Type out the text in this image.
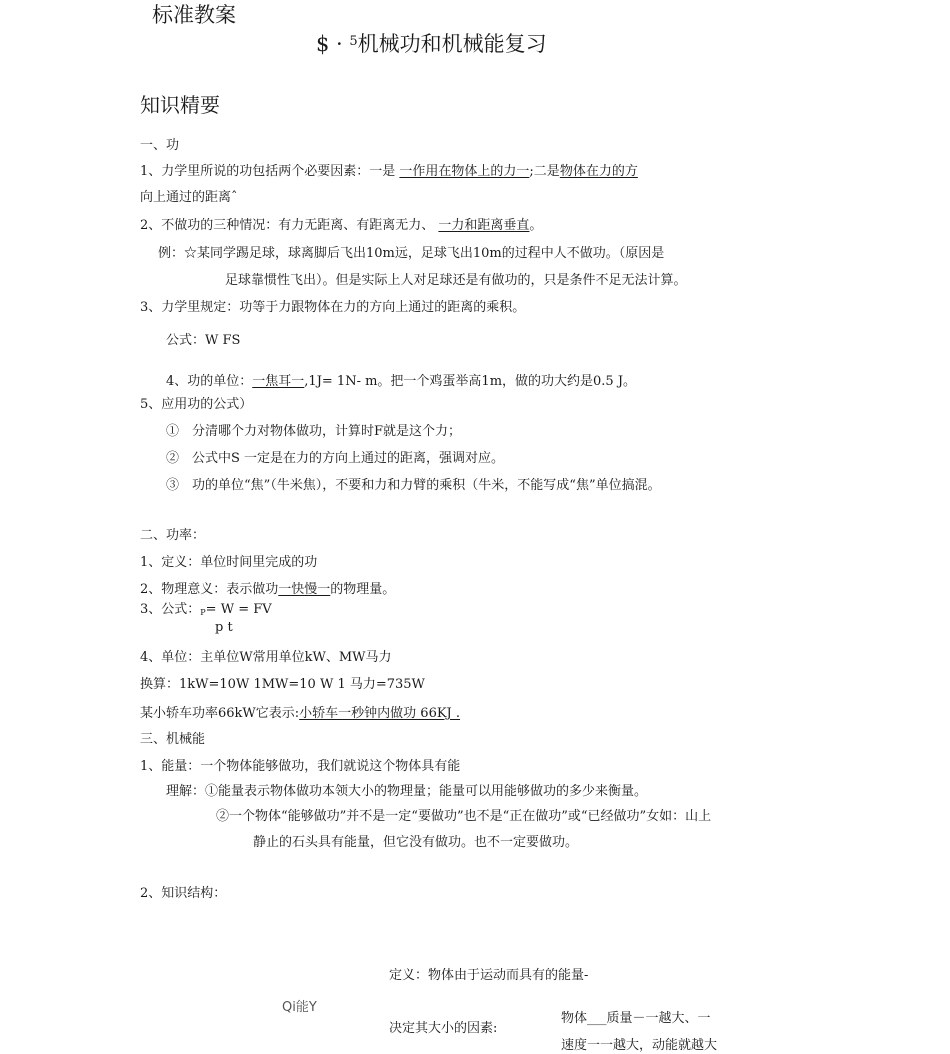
标准教案
$ · $^5$机械功和机械能复习
知识精要
一、功
1、力学里所说的功包括两个必要因素：一是 一作用在物体上的力一;二是物体在力的方
向上通过的距离ˆ
2、不做功的三种情况：有力无距离、有距离无力、 一力和距离垂直。
例：☆某同学踢足球，球离脚后飞出10m远，足球飞出10m的过程中人不做功。（原因是
足球靠惯性飞出）。但是实际上人对足球还是有做功的，只是条件不足无法计算。
3、力学里规定：功等于力跟物体在力的方向上通过的距离的乘积。
公式：W FS
4、功的单位：一焦耳一,1J= 1N- m。把一个鸡蛋举高1m，做的功大约是0.5 J。
5、应用功的公式）
①　分清哪个力对物体做功，计算时F就是这个力；
②　公式中S 一定是在力的方向上通过的距离，强调对应。
③　功的单位“焦”（牛米焦），不要和力和力臂的乘积（牛米，不能写成“焦”单位搞混。
二、功率：
1、定义：单位时间里完成的功
2、物理意义：表示做功一快慢一的物理量。
3、公式：$_P$= W = FV
p t
4、单位：主单位W常用单位kW、MW马力
换算：1kW=10W 1MW=10 W 1 马力=735W
某小轿车功率66kW它表示:小轿车一秒钟内做功 66KJ .
三、机械能
1、能量：一个物体能够做功，我们就说这个物体具有能
理解：①能量表示物体做功本领大小的物理量；能量可以用能够做功的多少来衡量。
②一个物体“能够做功”并不是一定“要做功”也不是“正在做功”或“已经做功”女如：山上
静止的石头具有能量，但它没有做功。也不一定要做功。
2、知识结构：
定义：物体由于运动而具有的能量-
Qi能Y
决定其大小的因素:
物体___质量－一越大、一
速度一一越大，动能就越大
